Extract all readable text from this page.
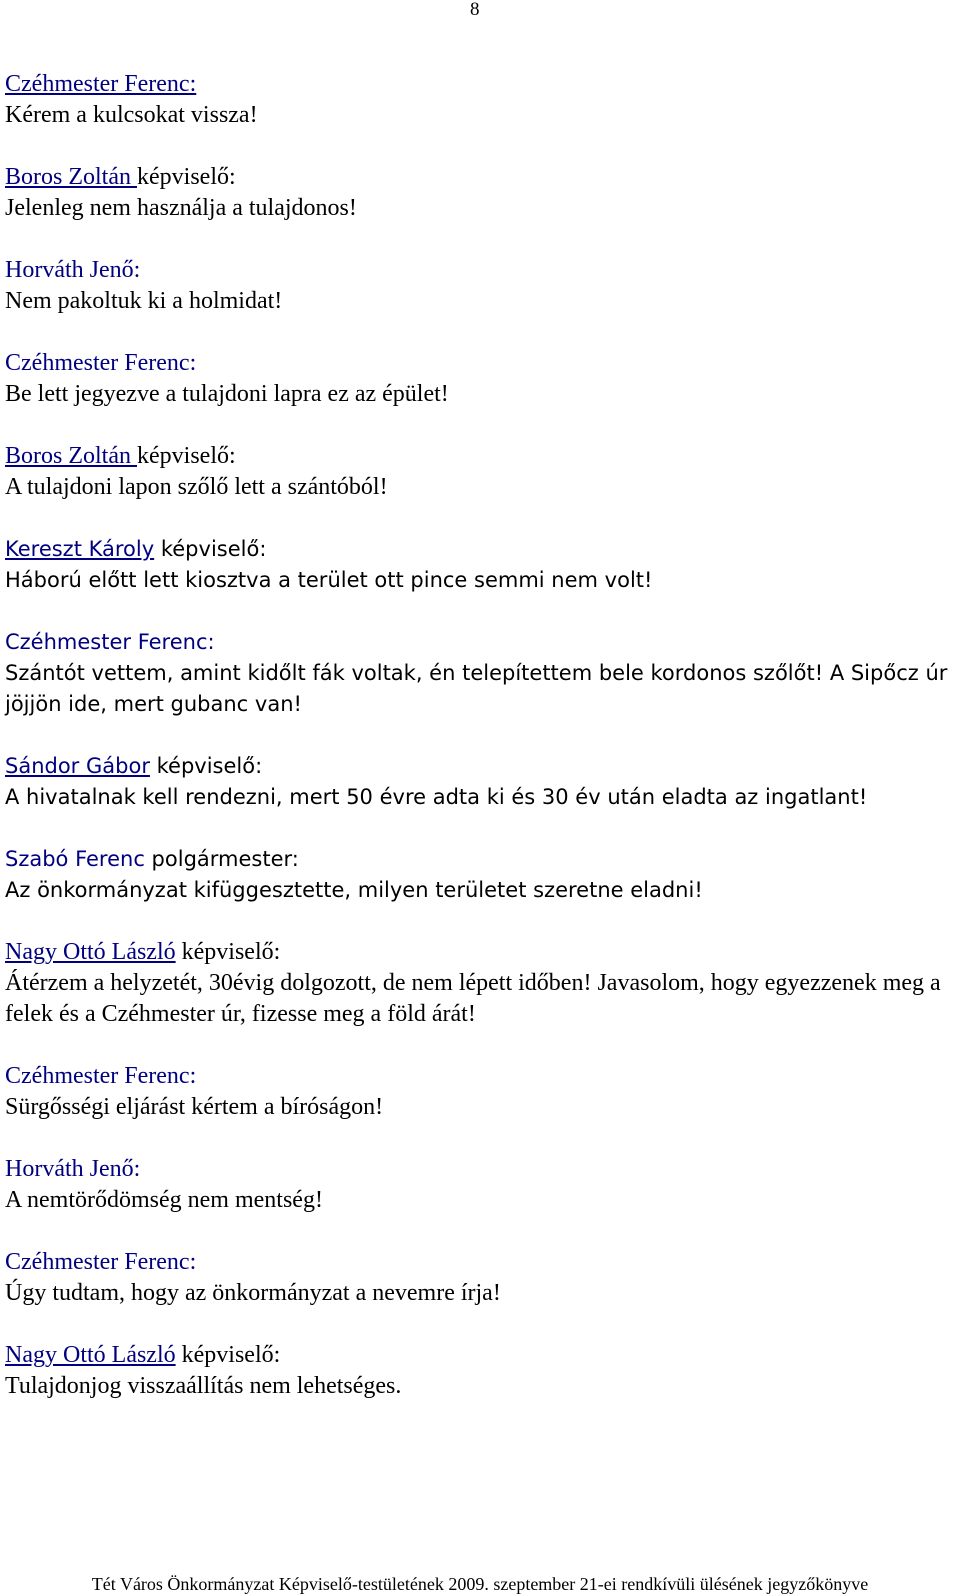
8

Czéhmester Ferenc:

Kérem a kulcsokat vissza!

Boros Zoltán képviselő:

Jelenleg nem használja a tulajdonos!

Horváth Jenő:

Nem pakoltuk ki a holmidat!

Czéhmester Ferenc:

Be lett jegyezve a tulajdoni lapra ez az épület!

Boros Zoltán képviselő:

A tulajdoni lapon szőlő lett a szántóból!

Kereszt Károly képviselő:

Háború előtt lett kiosztva a terület ott pince semmi nem volt!

Czéhmester Ferenc:

Szántót vettem, amint kidőlt fák voltak, én telepítettem bele kordonos szőlőt! A Sipőcz úr jöjjön ide, mert gubanc van!

Sándor Gábor képviselő:

A hivatalnak kell rendezni, mert 50 évre adta ki és 30 év után eladta az ingatlant!

Szabó Ferenc polgármester:

Az önkormányzat kifüggesztette, milyen területet szeretne eladni!

Nagy Ottó László képviselő:

Átérzem a helyzetét, 30évig dolgozott, de nem lépett időben! Javasolom, hogy egyezzenek meg a felek és a Czéhmester úr, fizesse meg a föld árát!

Czéhmester Ferenc:

Sürgősségi eljárást kértem a bíróságon!

Horváth Jenő:

A nemtörődömség nem mentség!

Czéhmester Ferenc:

Úgy tudtam, hogy az önkormányzat a nevemre írja!

Nagy Ottó László képviselő:

Tulajdonjog visszaállítás nem lehetséges.

Tét Város Önkormányzat Képviselő-testületének 2009. szeptember 21-ei rendkívüli ülésének jegyzőkönyve
